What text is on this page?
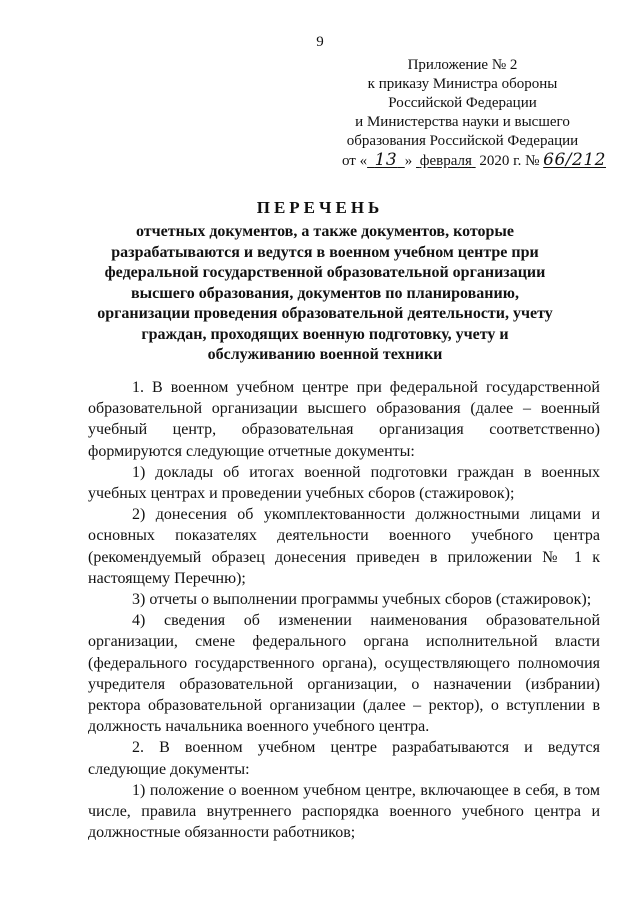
9
Приложение № 2
к приказу Министра обороны
Российской Федерации
и Министерства науки и высшего
образования Российской Федерации
от « 13 » февраля 2020 г. № 66/212
ПЕРЕЧЕНЬ
отчетных документов, а также документов, которые разрабатываются и ведутся в военном учебном центре при федеральной государственной образовательной организации высшего образования, документов по планированию, организации проведения образовательной деятельности, учету граждан, проходящих военную подготовку, учету и обслуживанию военной техники

1. В военном учебном центре при федеральной государственной образовательной организации высшего образования (далее – военный учебный центр, образовательная организация соответственно) формируются следующие отчетные документы:

1) доклады об итогах военной подготовки граждан в военных учебных центрах и проведении учебных сборов (стажировок);

2) донесения об укомплектованности должностными лицами и основных показателях деятельности военного учебного центра (рекомендуемый образец донесения приведен в приложении № 1 к настоящему Перечню);

3) отчеты о выполнении программы учебных сборов (стажировок);

4) сведения об изменении наименования образовательной организации, смене федерального органа исполнительной власти (федерального государственного органа), осуществляющего полномочия учредителя образовательной организации, о назначении (избрании) ректора образовательной организации (далее – ректор), о вступлении в должность начальника военного учебного центра.

2. В военном учебном центре разрабатываются и ведутся следующие документы:

1) положение о военном учебном центре, включающее в себя, в том числе, правила внутреннего распорядка военного учебного центра и должностные обязанности работников;
